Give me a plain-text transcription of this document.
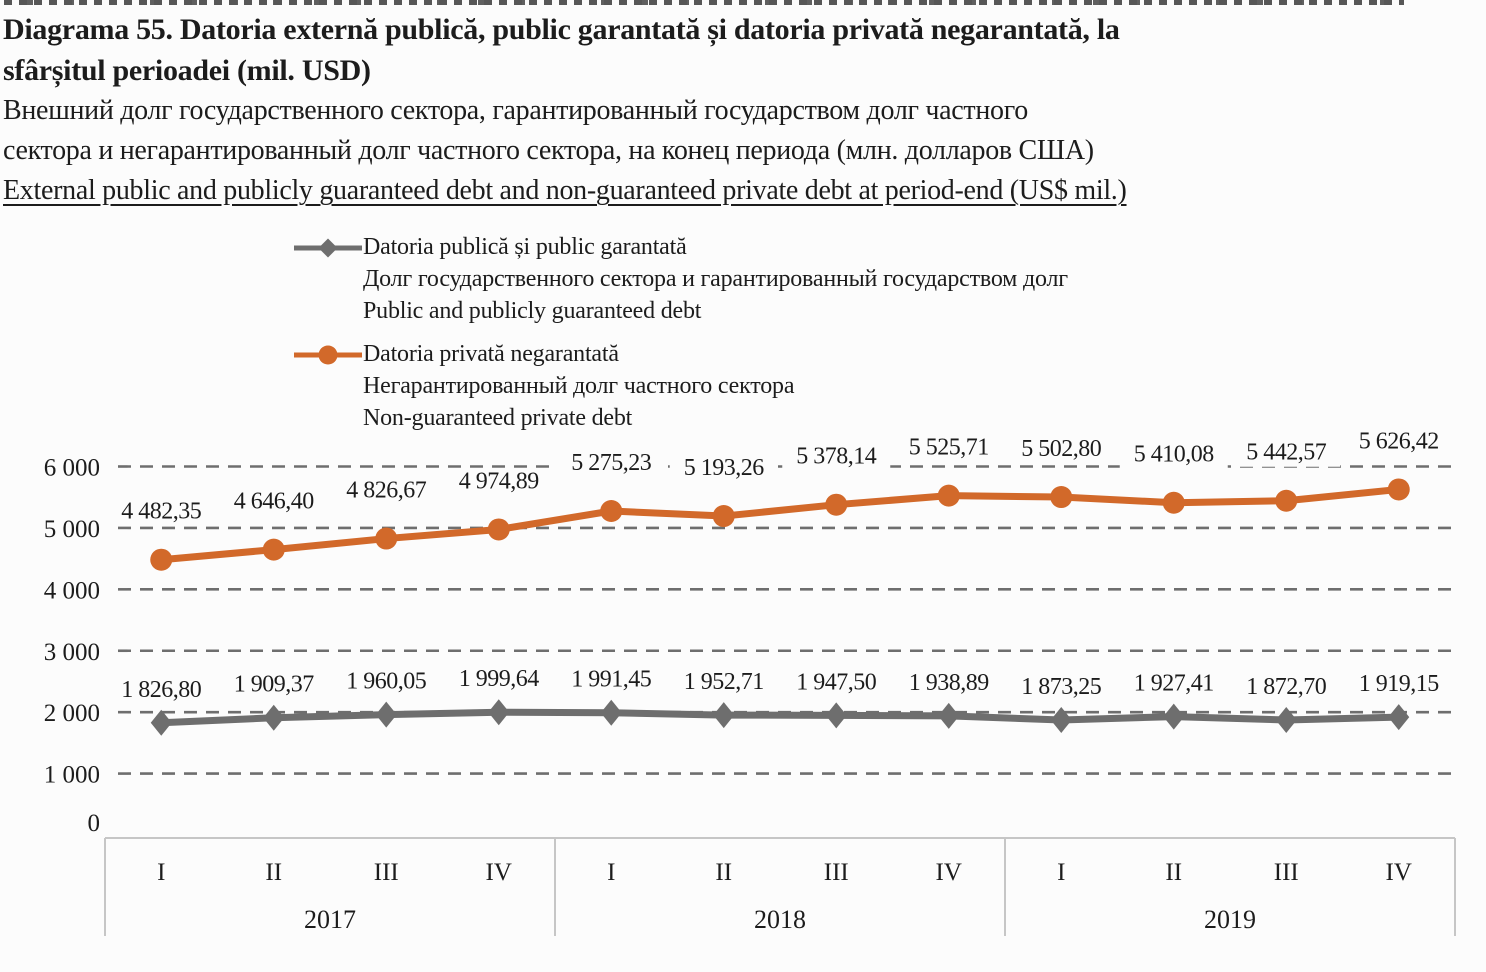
Diagrama 55. Datoria externă publică, public garantată și datoria privată negarantată, la
sfârșitul perioadei (mil. USD)
Внешний долг государственного сектора, гарантированный государством долг частного
сектора и негарантированный долг частного сектора, на конец периода (млн. долларов США)
External public and publicly guaranteed debt and non-guaranteed private debt at period-end (US$ mil.)
Datoria publică și public garantată
Долг государственного сектора и гарантированный государством долг
Public and publicly guaranteed debt
Datoria privată negarantată
Негарантированный долг частного сектора
Non-guaranteed private debt
0
1 000
2 000
3 000
4 000
5 000
6 000
1 826,80 1 909,37 1 960,05 1 999,64 1 991,45 1 952,71 1 947,50 1 938,89 1 873,25 1 927,41 1 872,70 1 919,15
4 482,35 4 646,40 4 826,67 4 974,89
5 275,23 5 193,26 5 378,14 5 525,71 5 502,80 5 410,08 5 442,57 5 626,42
I	II	III	IV	I	II	III	IV	I	II	III	IV
2017	2018	2019
